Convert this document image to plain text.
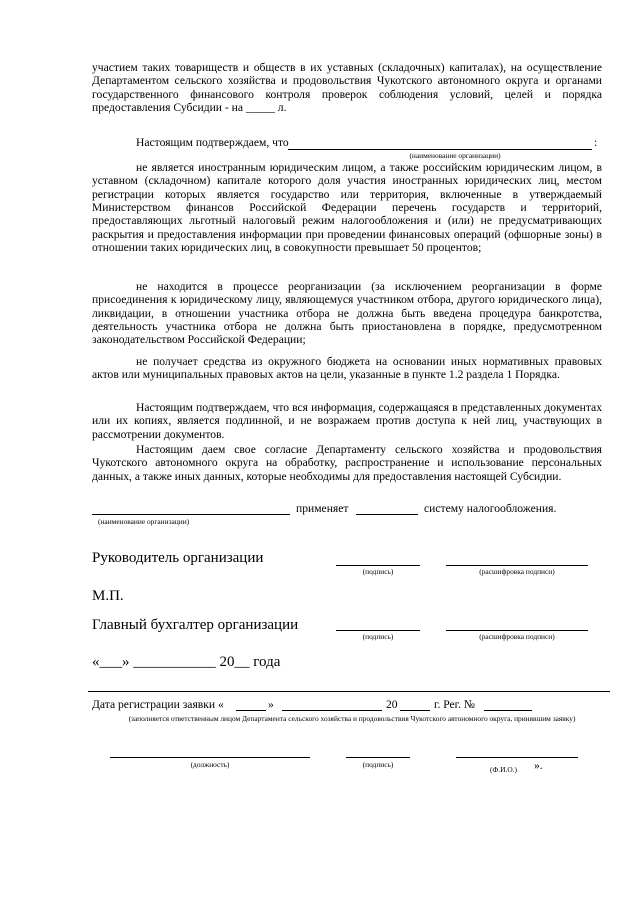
участием таких товариществ и обществ в их уставных (складочных) капиталах), на осуществление Департаментом сельского хозяйства и продовольствия Чукотского автономного округа и органами государственного финансового контроля проверок соблюдения условий, целей и порядка предоставления Субсидии - на _____ л.
Настоящим подтверждаем, что	:
(наименование организации)
не является иностранным юридическим лицом, а также российским юридическим лицом, в уставном (складочном) капитале которого доля участия иностранных юридических лиц, местом регистрации которых является государство или территория, включенные в утверждаемый Министерством финансов Российской Федерации перечень государств и территорий, предоставляющих льготный налоговый режим налогообложения и (или) не предусматривающих раскрытия и предоставления информации при проведении финансовых операций (офшорные зоны) в отношении таких юридических лиц, в совокупности превышает 50 процентов;
не находится в процессе реорганизации (за исключением реорганизации в форме присоединения к юридическому лицу, являющемуся участником отбора, другого юридического лица), ликвидации, в отношении участника отбора не должна быть введена процедура банкротства, деятельность участника отбора не должна быть приостановлена в порядке, предусмотренном законодательством Российской Федерации;
не получает средства из окружного бюджета на основании иных нормативных правовых актов или муниципальных правовых актов на цели, указанные в пункте 1.2 раздела 1 Порядка.
Настоящим подтверждаем, что вся информация, содержащаяся в представленных документах или их копиях, является подлинной, и не возражаем против доступа к ней лиц, участвующих в рассмотрении документов.
Настоящим даем свое согласие Департаменту сельского хозяйства и продовольствия Чукотского автономного округа на обработку, распространение и использование персональных данных, а также иных данных, которые необходимы для предоставления настоящей Субсидии.
применяет	систему налогообложения.
(наименование организации)
Руководитель организации
(подпись)	(расшифровка подписи)
М.П.
Главный бухгалтер организации
(подпись)	(расшифровка подписи)
«___» ___________ 20__ года
Дата регистрации заявки «	»	20	г. Рег. №
(заполняется ответственным лицом Департамента сельского хозяйства и продовольствия Чукотского автономного округа, принявшим заявку)
(должность)	(подпись)
(Ф.И.О.) ».
